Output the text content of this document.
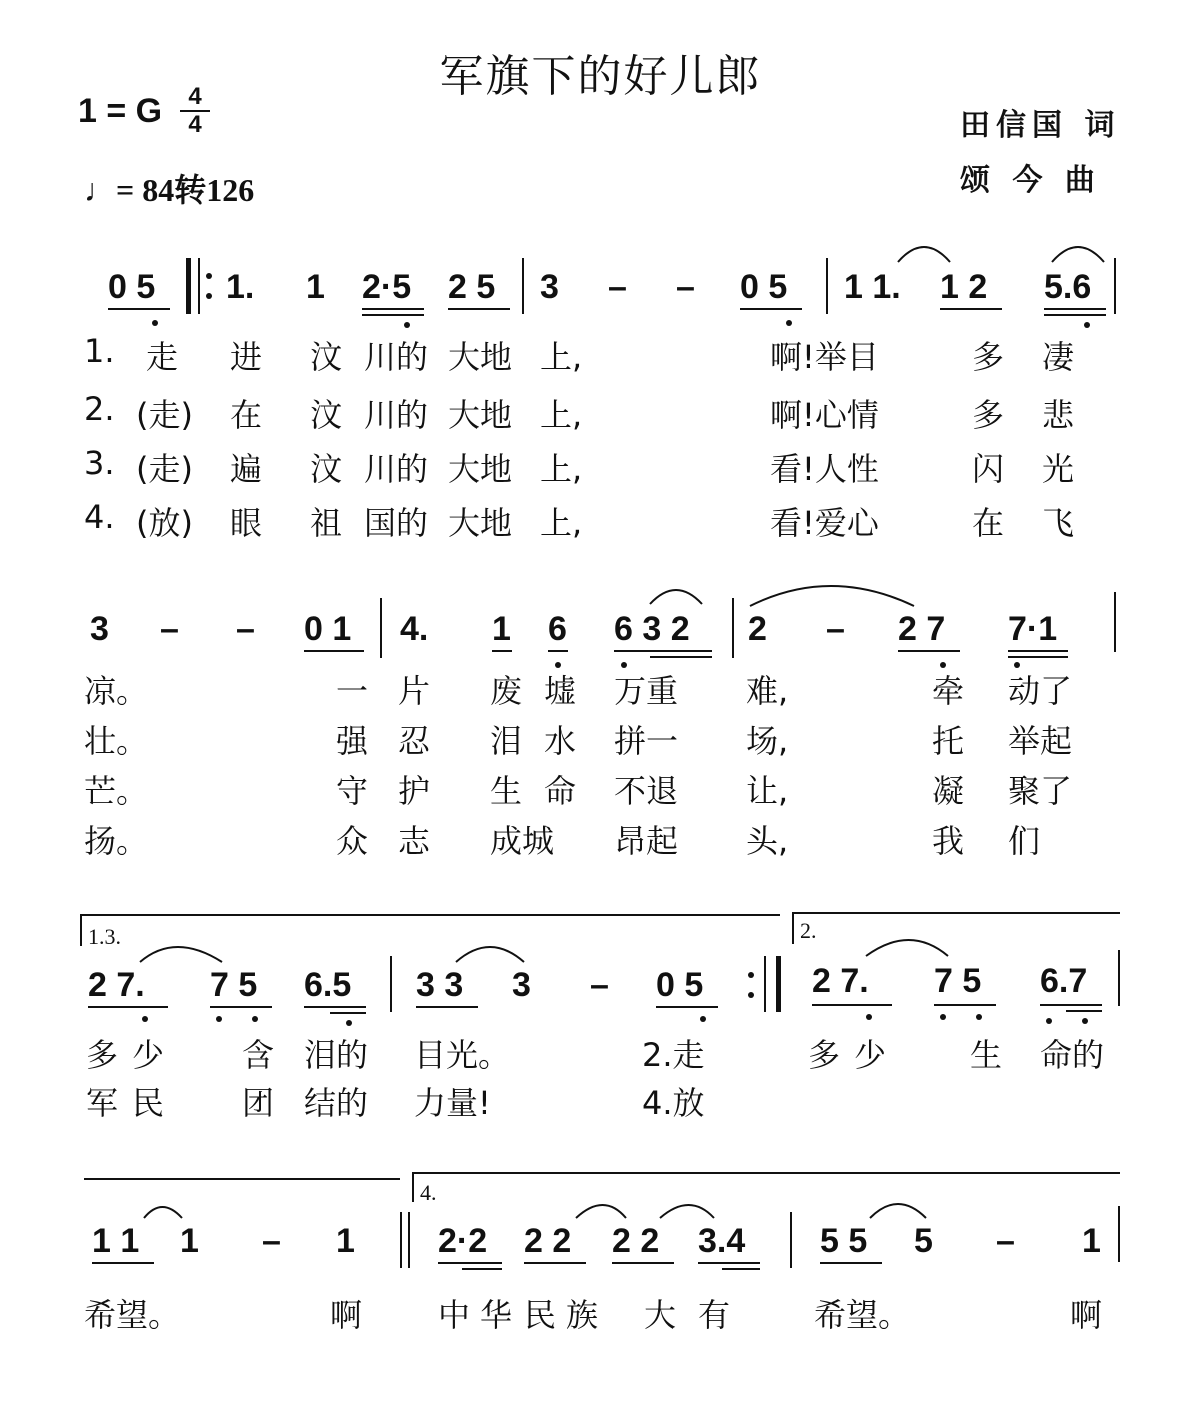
军旗下的好儿郎
1 = G	4
4
♩= 84转126
田信国 词
颂 今 曲
0 5 1. 1 2·5 2 5 3 – – 0 5 1 1. 1 2 5.6
1. 走 进 汶 川的 大地 上,	啊!举目	多 凄
2. (走) 在 汶 川的 大地 上,	啊!心情	多 悲
3. (走) 遍 汶 川的 大地 上,	看!人性	闪 光
4. (放) 眼 祖 国的 大地 上,	看!爱心	在 飞
3 – – 0 1 4. 1 6 6 3 2 2 – 2 7 7·1
凉。	一 片 废 墟 万重 难,	牵 动了
壮。	强 忍 泪 水 拼一 场,	托 举起
芒。	守 护 生 命 不退 让,	凝 聚了
扬。	众 志 成城 昂起 头,	我 们
1.3.	2.
2 7. 7 5 6.5 3 3 3 – 0 5	2 7. 7 5 6.7
多少 含 泪的 目光。	2.走	多少 生 命的
军民 团 结的 力量!	4.放
4.
1 1 1 – 1 2·2 2 2 2 2 3.4 5 5 5 – 1
希望。	啊 中华 民族 大 有	希望。	啊
